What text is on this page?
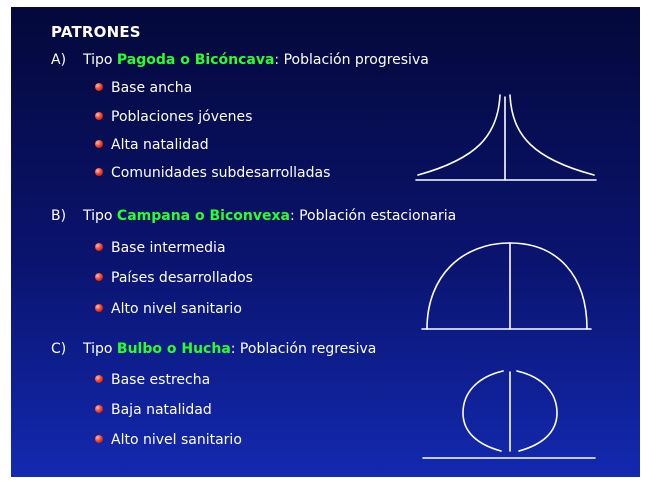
PATRONES
A) Tipo Pagoda o Bicóncava: Población progresiva
Base ancha
Poblaciones jóvenes
Alta natalidad
Comunidades subdesarrolladas
B) Tipo Campana o Biconvexa: Población estacionaria
Base intermedia
Países desarrollados
Alto nivel sanitario
C) Tipo Bulbo o Hucha: Población regresiva
Base estrecha
Baja natalidad
Alto nivel sanitario
